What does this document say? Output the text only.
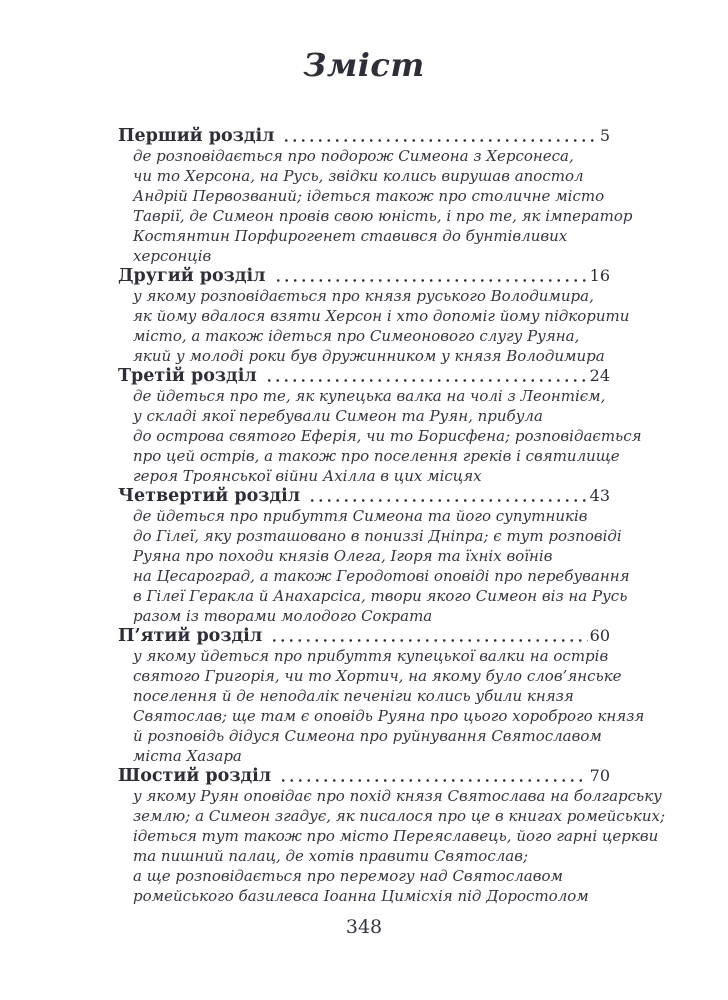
Зміст
Перший розділ	5
де розповідається про подорож Симеона з Херсонеса,
чи то Херсона, на Русь, звідки колись вирушав апостол
Андрій Первозваний; ідеться також про столичне місто
Таврії, де Симеон провів свою юність, і про те, як імператор
Костянтин Порфирогенет ставився до бунтівливих
херсонців
Другий розділ	16
у якому розповідається про князя руського Володимира,
як йому вдалося взяти Херсон і хто допоміг йому підкорити
місто, а також ідеться про Симеонового слугу Руяна,
який у молоді роки був дружинником у князя Володимира
Третій розділ	24
де йдеться про те, як купецька валка на чолі з Леонтієм,
у складі якої перебували Симеон та Руян, прибула
до острова святого Еферія, чи то Борисфена; розповідається
про цей острів, а також про поселення греків і святилище
героя Троянської війни Ахілла в цих місцях
Четвертий розділ	43
де йдеться про прибуття Симеона та його супутників
до Гілеї, яку розташовано в пониззі Дніпра; є тут розповіді
Руяна про походи князів Олега, Ігоря та їхніх воїнів
на Цесароград, а також Геродотові оповіді про перебування
в Гілеї Геракла й Анахарсіса, твори якого Симеон віз на Русь
разом із творами молодого Сократа
П’ятий розділ	60
у якому йдеться про прибуття купецької валки на острів
святого Григорія, чи то Хортич, на якому було слов’янське
поселення й де неподалік печеніги колись убили князя
Святослав; ще там є оповідь Руяна про цього хороброго князя
й розповідь дідуся Симеона про руйнування Святославом
міста Хазара
Шостий розділ	70
у якому Руян оповідає про похід князя Святослава на болгарську
землю; а Симеон згадує, як писалося про це в книгах ромейських;
ідеться тут також про місто Переяславець, його гарні церкви
та пишний палац, де хотів правити Святослав;
а ще розповідається про перемогу над Святославом
ромейського базилевса Іоанна Цимісхія під Доростолом
348
